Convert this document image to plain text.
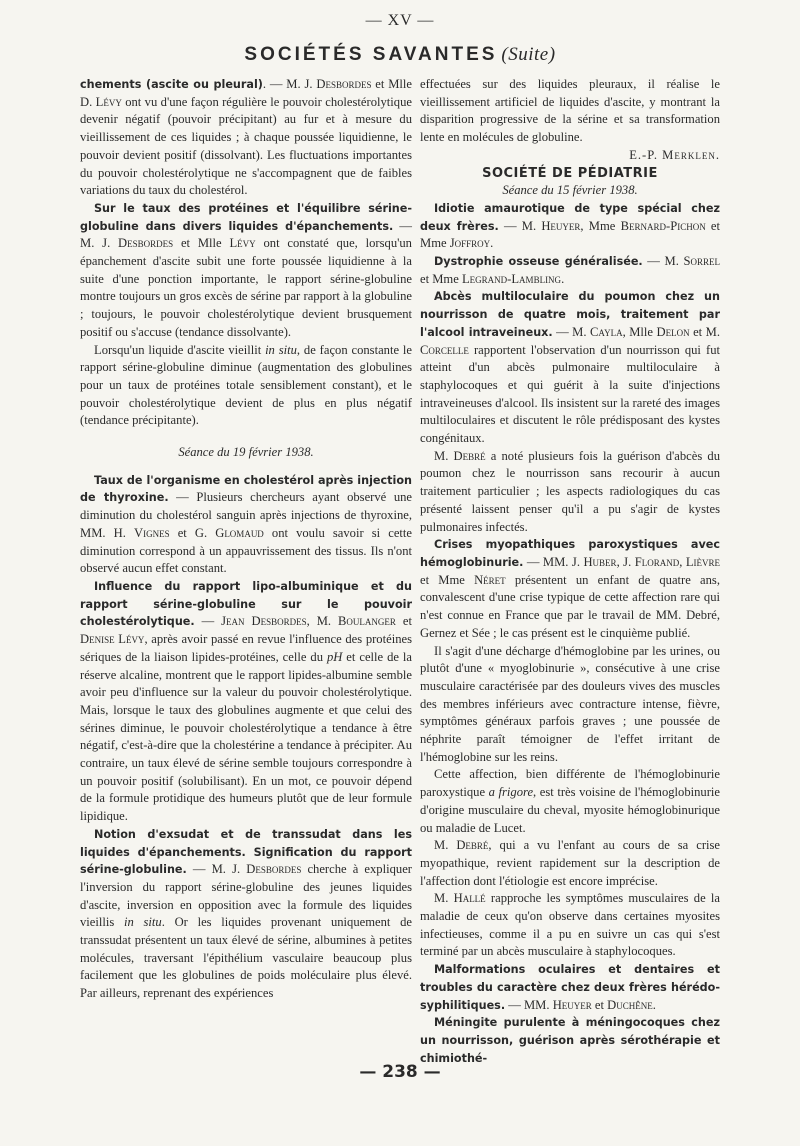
— XV —
SOCIÉTÉS SAVANTES (Suite)

chements (ascite ou pleural). — M. J. Desbordes et Mlle D. Lévy ont vu d'une façon régulière le pouvoir cholestérolytique devenir négatif (pouvoir précipitant) au fur et à mesure du vieillissement de ces liquides ; à chaque poussée liquidienne, le pouvoir devient positif (dissolvant). Les fluctuations importantes du pouvoir cholestérolytique ne s'accompagnent que de faibles variations du taux du cholestérol.

Sur le taux des protéines et l'équilibre sérine-globuline dans divers liquides d'épanchements. — M. J. Desbordes et Mlle Lévy ont constaté que, lorsqu'un épanchement d'ascite subit une forte poussée liquidienne à la suite d'une ponction importante, le rapport sérine-globuline montre toujours un gros excès de sérine par rapport à la globuline ; toujours, le pouvoir cholestérolytique devient brusquement positif ou s'accuse (tendance dissolvante).

Lorsqu'un liquide d'ascite vieillit in situ, de façon constante le rapport sérine-globuline diminue (augmentation des globulines pour un taux de protéines totale sensiblement constant), et le pouvoir cholestérolytique devient de plus en plus négatif (tendance précipitante).

Séance du 19 février 1938.

Taux de l'organisme en cholestérol après injection de thyroxine. — Plusieurs chercheurs ayant observé une diminution du cholestérol sanguin après injections de thyroxine, MM. H. Vignes et G. Glomaud ont voulu savoir si cette diminution correspond à un appauvrissement des tissus. Ils n'ont observé aucun effet constant.

Influence du rapport lipo-albuminique et du rapport sérine-globuline sur le pouvoir cholestérolytique. — Jean Desbordes, M. Boulanger et Denise Lévy, après avoir passé en revue l'influence des protéines sériques de la liaison lipides-protéines, celle du pH et celle de la réserve alcaline, montrent que le rapport lipides-albumine semble avoir peu d'influence sur la valeur du pouvoir cholestérolytique. Mais, lorsque le taux des globulines augmente et que celui des sérines diminue, le pouvoir cholestérolytique a tendance à être négatif, c'est-à-dire que la cholestérine a tendance à précipiter. Au contraire, un taux élevé de sérine semble toujours correspondre à un pouvoir positif (solubilisant). En un mot, ce pouvoir dépend de la formule protidique des humeurs plutôt que de leur formule lipidique.

Notion d'exsudat et de transsudat dans les liquides d'épanchements. Signification du rapport sérine-globuline. — M. J. Desbordes cherche à expliquer l'inversion du rapport sérine-globuline des jeunes liquides d'ascite, inversion en opposition avec la formule des liquides vieillis in situ. Or les liquides provenant uniquement de transsudat présentent un taux élevé de sérine, albumines à petites molécules, traversant l'épithélium vasculaire beaucoup plus facilement que les globulines de poids moléculaire plus élevé. Par ailleurs, reprenant des expériences

effectuées sur des liquides pleuraux, il réalise le vieillissement artificiel de liquides d'ascite, y montrant la disparition progressive de la sérine et sa transformation lente en molécules de globuline.

E.-P. Merklen.

SOCIÉTÉ DE PÉDIATRIE

Séance du 15 février 1938.

Idiotie amaurotique de type spécial chez deux frères. — M. Heuyer, Mme Bernard-Pichon et Mme Joffroy.

Dystrophie osseuse généralisée. — M. Sorrel et Mme Legrand-Lambling.

Abcès multiloculaire du poumon chez un nourrisson de quatre mois, traitement par l'alcool intraveineux. — M. Cayla, Mlle Delon et M. Corcelle rapportent l'observation d'un nourrisson qui fut atteint d'un abcès pulmonaire multiloculaire à staphylocoques et qui guérit à la suite d'injections intraveineuses d'alcool. Ils insistent sur la rareté des images multiloculaires et discutent le rôle prédisposant des kystes congénitaux.

M. Debré a noté plusieurs fois la guérison d'abcès du poumon chez le nourrisson sans recourir à aucun traitement particulier ; les aspects radiologiques du cas présenté laissent penser qu'il a pu s'agir de kystes pulmonaires infectés.

Crises myopathiques paroxystiques avec hémoglobinurie. — MM. J. Huber, J. Florand, Lièvre et Mme Néret présentent un enfant de quatre ans, convalescent d'une crise typique de cette affection rare qui n'est connue en France que par le travail de MM. Debré, Gernez et Sée ; le cas présent est le cinquième publié.

Il s'agit d'une décharge d'hémoglobine par les urines, ou plutôt d'une « myoglobinurie », consécutive à une crise musculaire caractérisée par des douleurs vives des muscles des membres inférieurs avec contracture intense, fièvre, symptômes généraux parfois graves ; une poussée de néphrite paraît témoigner de l'effet irritant de l'hémoglobine sur les reins.

Cette affection, bien différente de l'hémoglobinurie paroxystique a frigore, est très voisine de l'hémoglobinurie d'origine musculaire du cheval, myosite hémoglobinurique ou maladie de Lucet.

M. Debré, qui a vu l'enfant au cours de sa crise myopathique, revient rapidement sur la description de l'affection dont l'étiologie est encore imprécise.

M. Hallé rapproche les symptômes musculaires de la maladie de ceux qu'on observe dans certaines myosites infectieuses, comme il a pu en suivre un cas qui s'est terminé par un abcès musculaire à staphylocoques.

Malformations oculaires et dentaires et troubles du caractère chez deux frères hérédo-syphilitiques. — MM. Heuyer et Duchêne.

Méningite purulente à méningocoques chez un nourrisson, guérison après sérothérapie et chimiothé-

— 238 —
